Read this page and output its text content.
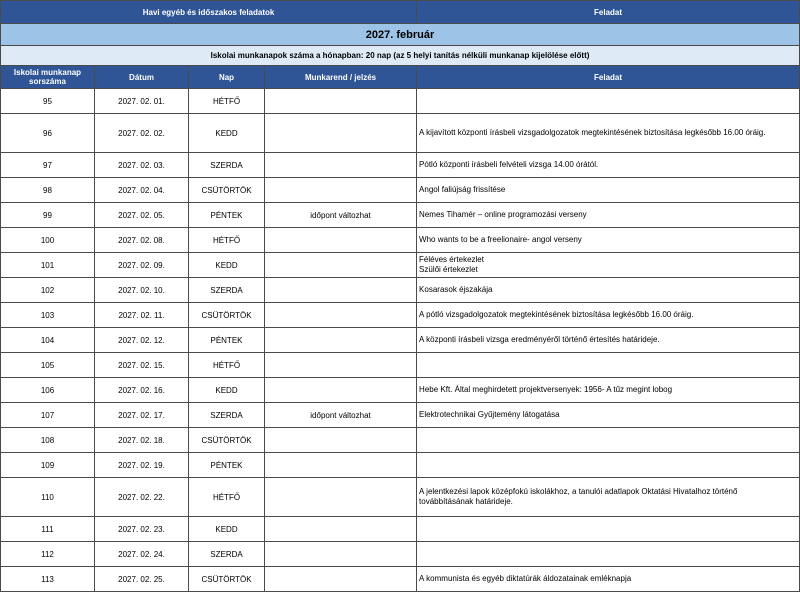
Havi egyéb és időszakos feladatok				Feladat
2027. február				
Iskolai munkanapok száma a hónapban: 20 nap (az 5 helyi tanítás nélküli munkanap kijelölése előtt)				
Iskolai munkanap sorszáma	Dátum	Nap	Munkarend / jelzés	Feladat
95	2027. 02. 01.	HÉTFŐ		

96	2027. 02. 02.	KEDD		A kijavított központi írásbeli vizsgadolgozatok megtekintésének biztosítása legkésőbb 16.00 óráig.

97	2027. 02. 03.	SZERDA		Pótló központi írásbeli felvételi vizsga 14.00 órától.

98	2027. 02. 04.	CSÜTÖRTÖK		Angol faliújság frissítése

99	2027. 02. 05.	PÉNTEK	időpont változhat	Nemes Tihamér – online programozási verseny

100	2027. 02. 08.	HÉTFŐ		Who wants to be a freelionaire- angol verseny

101	2027. 02. 09.	KEDD		Féléves értekezlet
Szülői értekezlet

102	2027. 02. 10.	SZERDA		Kosarasok éjszakája

103	2027. 02. 11.	CSÜTÖRTÖK		A pótló vizsgadolgozatok megtekintésének biztosítása legkésőbb 16.00 óráig.

104	2027. 02. 12.	PÉNTEK		A központi írásbeli vizsga eredményéről történő értesítés határideje.

105	2027. 02. 15.	HÉTFŐ		

106	2027. 02. 16.	KEDD		Hebe Kft. Által meghirdetett projektversenyek: 1956- A tűz megint lobog

107	2027. 02. 17.	SZERDA	időpont változhat	Elektrotechnikai Gyűjtemény látogatása

108	2027. 02. 18.	CSÜTÖRTÖK		

109	2027. 02. 19.	PÉNTEK		

110	2027. 02. 22.	HÉTFŐ		A jelentkezési lapok középfokú iskolákhoz, a tanulói adatlapok Oktatási Hivatalhoz történő
továbbításának határideje.

111	2027. 02. 23.	KEDD		

112	2027. 02. 24.	SZERDA		

113	2027. 02. 25.	CSÜTÖRTÖK		A kommunista és egyéb diktatúrák áldozatainak emléknapja
